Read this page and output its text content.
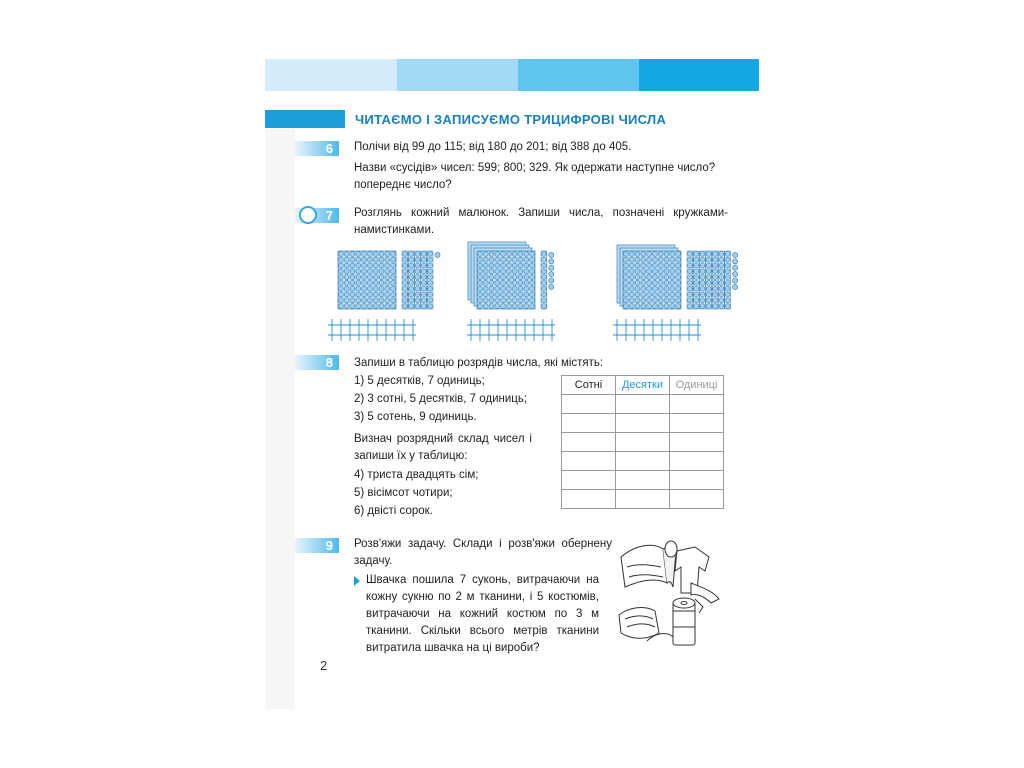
ЧИТАЄМО І ЗАПИСУЄМО ТРИЦИФРОВІ ЧИСЛА
6	Полічи від 99 до 115; від 180 до 201; від 388 до 405.
Назви «сусідів» чисел: 599; 800; 329. Як одержати наступне число? попереднє число?
7	Розглянь кожний малюнок. Запиши числа, позначені кружками-намистинками.
8	Запиши в таблицю розрядів числа, які містять:
1) 5 десятків, 7 одиниць;
2) 3 сотні, 5 десятків, 7 одиниць;
3) 5 сотень, 9 одиниць.
Визнач розрядний склад чисел і запиши їх у таблицю:
4) триста двадцять сім;
5) вісімсот чотири;
6) двісті сорок.
Сотні	Десятки	Одиниці

9	Розв'яжи задачу. Склади і розв'яжи обернену задачу.
Швачка пошила 7 суконь, витрачаючи на кожну сукню по 2 м тканини, і 5 костюмів, витрачаючи на кожний костюм по 3 м тканини. Скільки всього метрів тканини витратила швачка на ці вироби?
2
